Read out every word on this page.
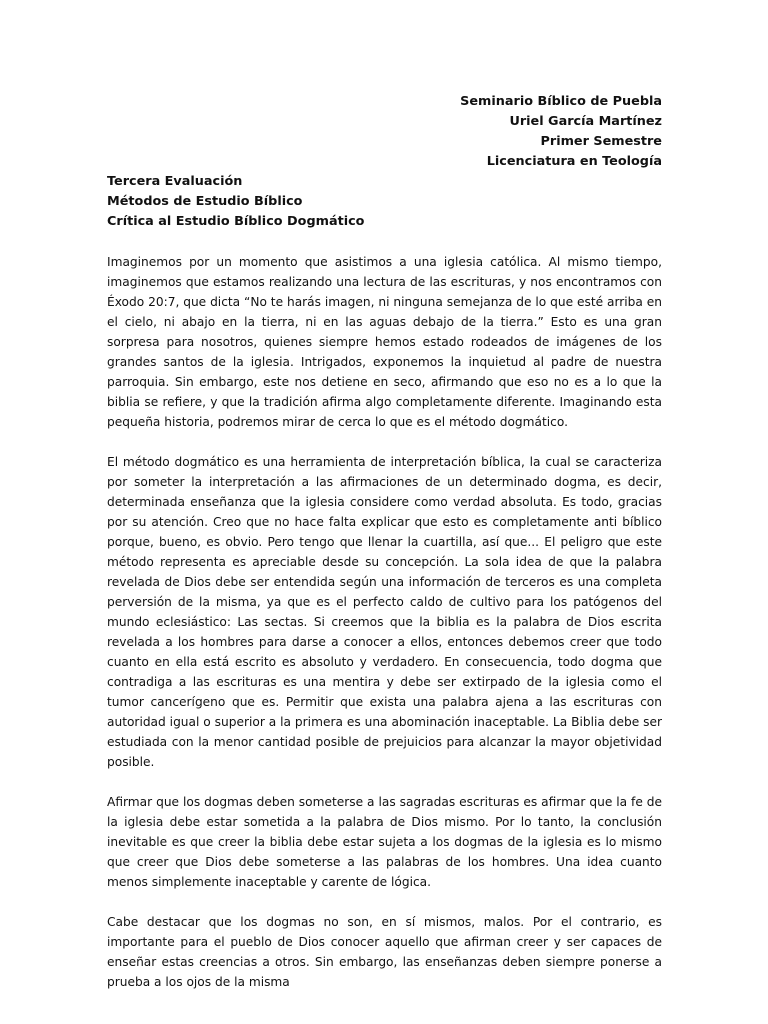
Seminario Bíblico de Puebla
Uriel García Martínez
Primer Semestre
Licenciatura en Teología
Tercera Evaluación
Métodos de Estudio Bíblico
Crítica al Estudio Bíblico Dogmático

Imaginemos por un momento que asistimos a una iglesia católica. Al mismo tiempo, imaginemos que estamos realizando una lectura de las escrituras, y nos encontramos con Éxodo 20:7, que dicta “No te harás imagen, ni ninguna semejanza de lo que esté arriba en el cielo, ni abajo en la tierra, ni en las aguas debajo de la tierra.” Esto es una gran sorpresa para nosotros, quienes siempre hemos estado rodeados de imágenes de los grandes santos de la iglesia. Intrigados, exponemos la inquietud al padre de nuestra parroquia. Sin embargo, este nos detiene en seco, afirmando que eso no es a lo que la biblia se refiere, y que la tradición afirma algo completamente diferente. Imaginando esta pequeña historia, podremos mirar de cerca lo que es el método dogmático.

El método dogmático es una herramienta de interpretación bíblica, la cual se caracteriza por someter la interpretación a las afirmaciones de un determinado dogma, es decir, determinada enseñanza que la iglesia considere como verdad absoluta. Es todo, gracias por su atención. Creo que no hace falta explicar que esto es completamente anti bíblico porque, bueno, es obvio. Pero tengo que llenar la cuartilla, así que... El peligro que este método representa es apreciable desde su concepción. La sola idea de que la palabra revelada de Dios debe ser entendida según una información de terceros es una completa perversión de la misma, ya que es el perfecto caldo de cultivo para los patógenos del mundo eclesiástico: Las sectas. Si creemos que la biblia es la palabra de Dios escrita revelada a los hombres para darse a conocer a ellos, entonces debemos creer que todo cuanto en ella está escrito es absoluto y verdadero. En consecuencia, todo dogma que contradiga a las escrituras es una mentira y debe ser extirpado de la iglesia como el tumor cancerígeno que es. Permitir que exista una palabra ajena a las escrituras con autoridad igual o superior a la primera es una abominación inaceptable. La Biblia debe ser estudiada con la menor cantidad posible de prejuicios para alcanzar la mayor objetividad posible.

Afirmar que los dogmas deben someterse a las sagradas escrituras es afirmar que la fe de la iglesia debe estar sometida a la palabra de Dios mismo. Por lo tanto, la conclusión inevitable es que creer la biblia debe estar sujeta a los dogmas de la iglesia es lo mismo que creer que Dios debe someterse a las palabras de los hombres. Una idea cuanto menos simplemente inaceptable y carente de lógica.

Cabe destacar que los dogmas no son, en sí mismos, malos. Por el contrario, es importante para el pueblo de Dios conocer aquello que afirman creer y ser capaces de enseñar estas creencias a otros. Sin embargo, las enseñanzas deben siempre ponerse a prueba a los ojos de la misma
